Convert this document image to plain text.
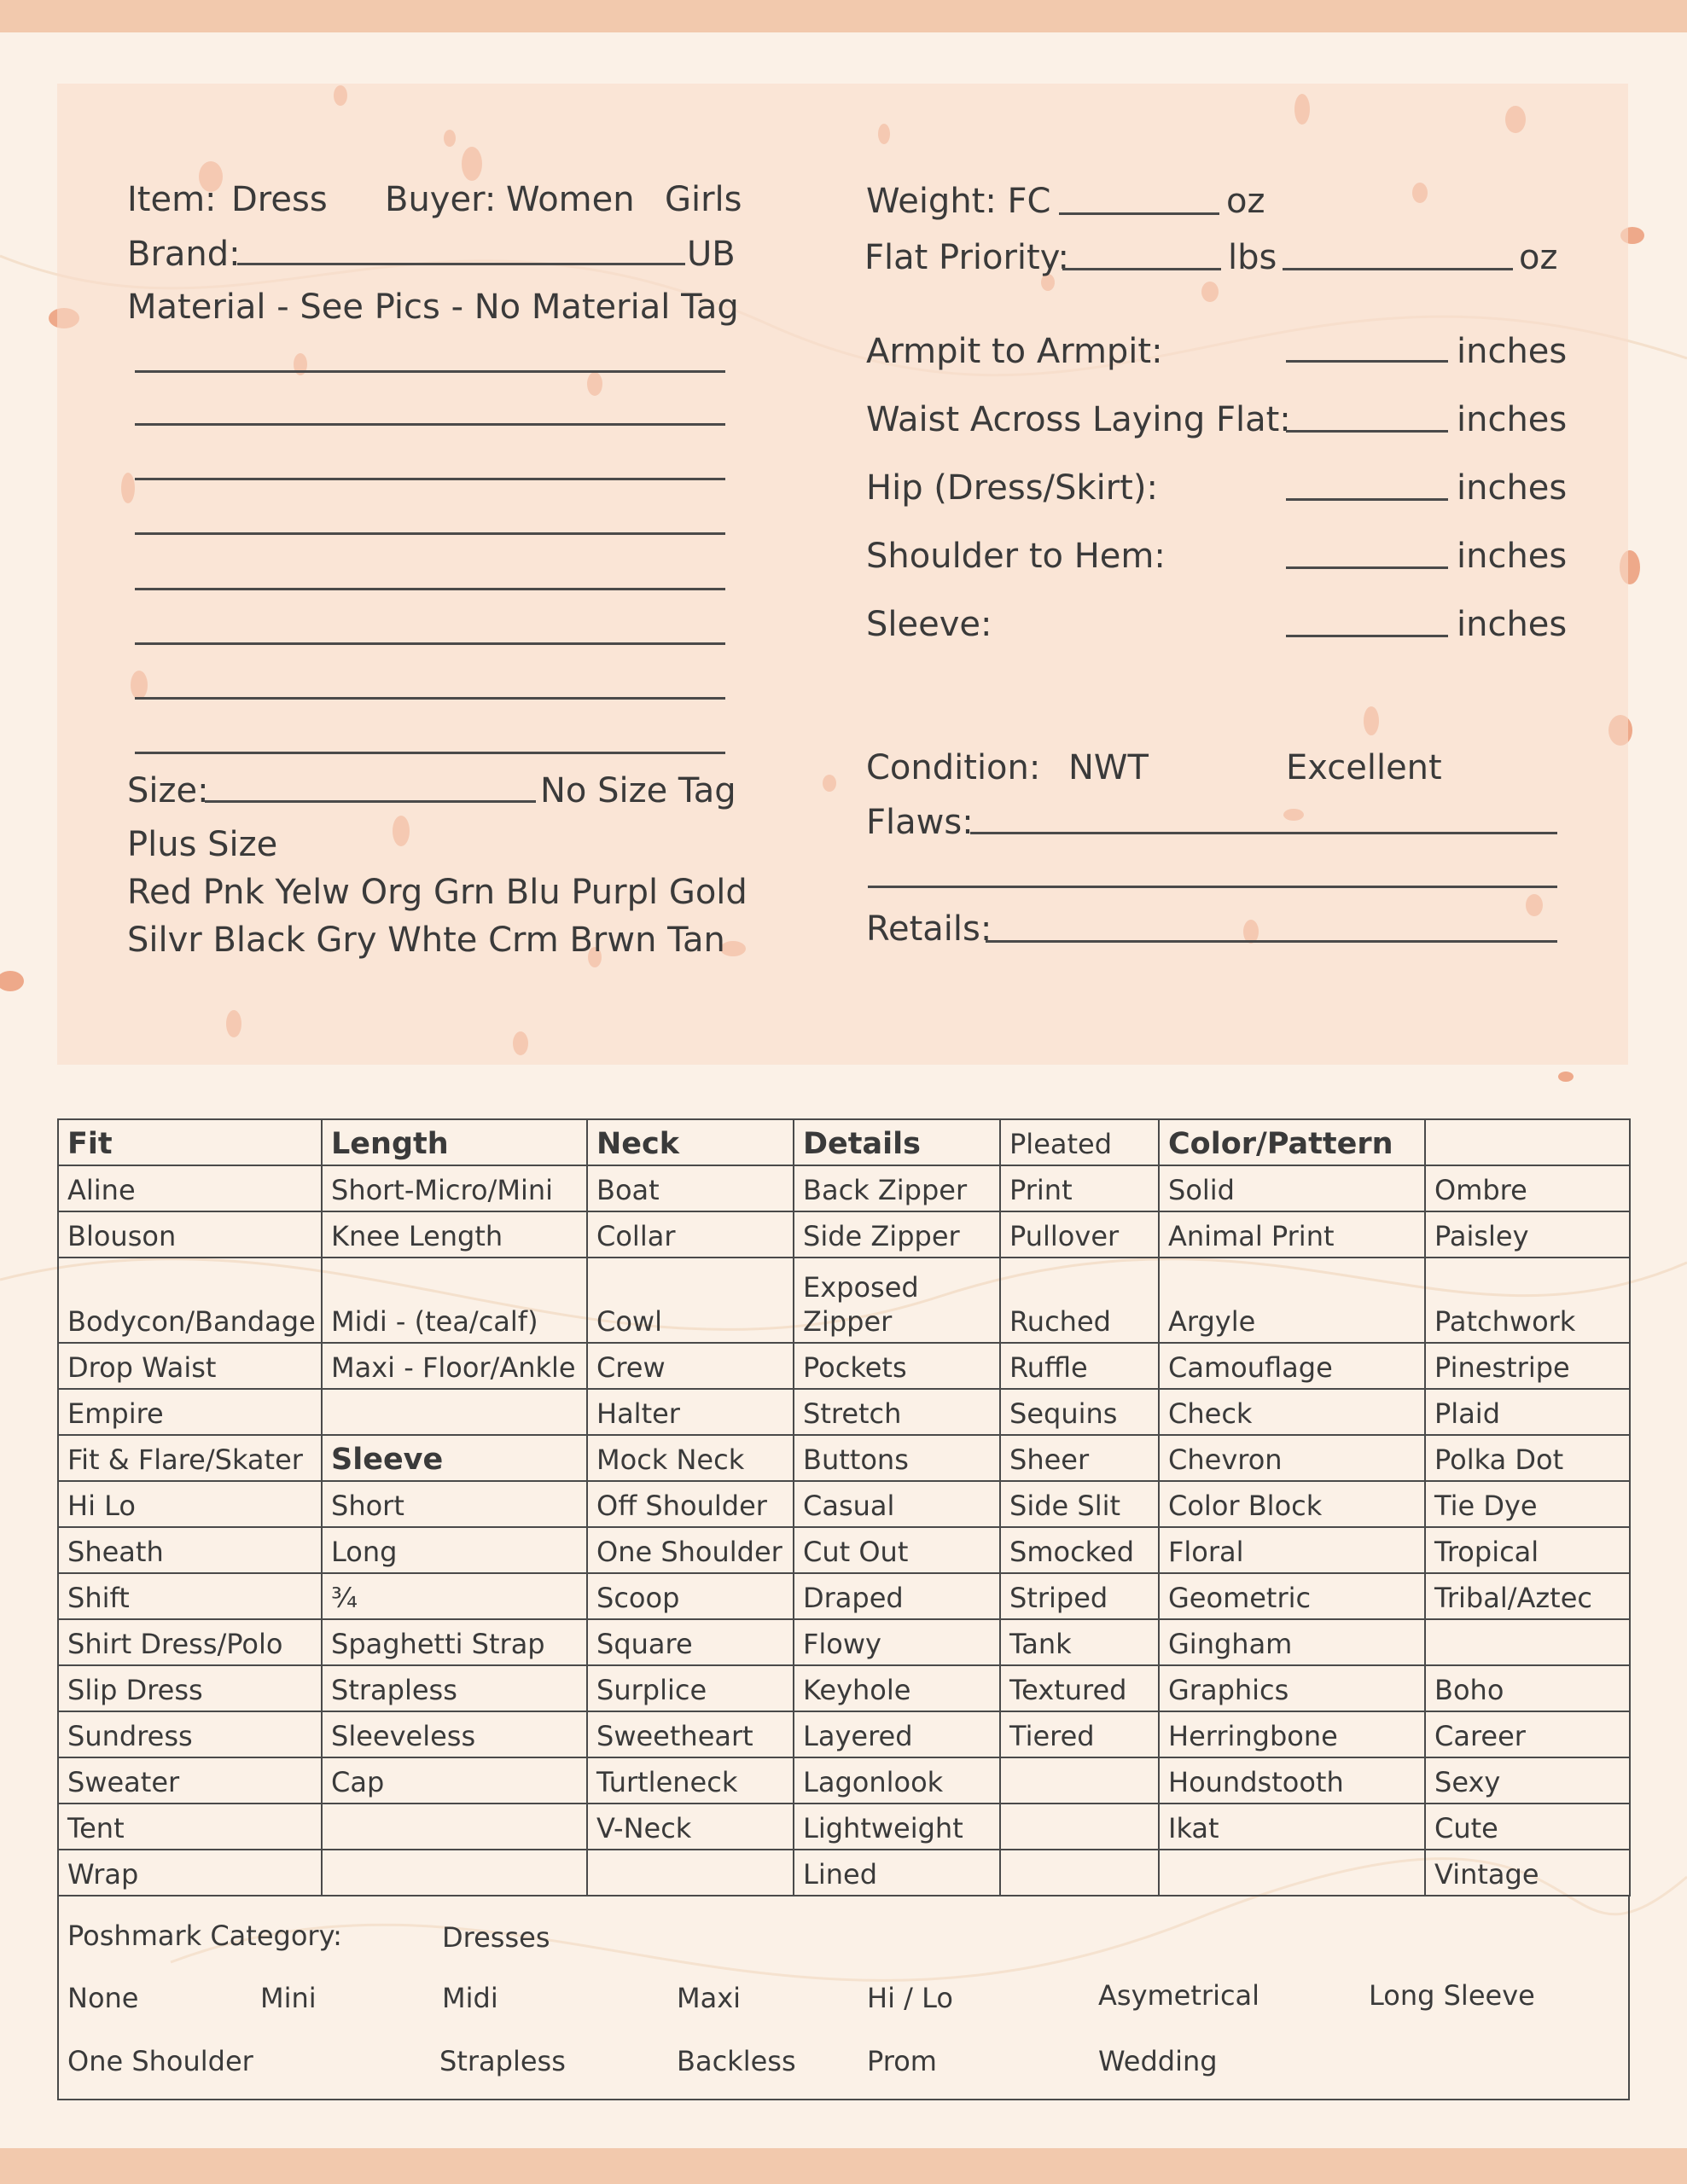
Item: Dress Buyer: Women Girls
Brand:	UB
Material - See Pics - No Material Tag
Size:	No Size Tag
Plus Size
Red Pnk Yelw Org Grn Blu Purpl Gold
Silvr Black Gry Whte Crm Brwn Tan
Weight: FC	oz
Flat Priority:	lbs	oz
Armpit to Armpit:	inches
Waist Across Laying Flat:	inches
Hip (Dress/Skirt):	inches
Shoulder to Hem:	inches
Sleeve:	inches
Condition: NWT	Excellent
Flaws:
Retails:
Fit	Length	Neck	Details	Pleated	Color/Pattern	
Aline	Short-Micro/Mini	Boat	Back Zipper	Print	Solid	Ombre
Blouson	Knee Length	Collar	Side Zipper	Pullover	Animal Print	Paisley
Bodycon/Bandage	Midi - (tea/calf)	Cowl	Exposed Zipper	Ruched	Argyle	Patchwork
Drop Waist	Maxi - Floor/Ankle	Crew	Pockets	Ruffle	Camouflage	Pinestripe
Empire		Halter	Stretch	Sequins	Check	Plaid
Fit & Flare/Skater	Sleeve	Mock Neck	Buttons	Sheer	Chevron	Polka Dot
Hi Lo	Short	Off Shoulder	Casual	Side Slit	Color Block	Tie Dye
Sheath	Long	One Shoulder	Cut Out	Smocked	Floral	Tropical
Shift	¾	Scoop	Draped	Striped	Geometric	Tribal/Aztec
Shirt Dress/Polo	Spaghetti Strap	Square	Flowy	Tank	Gingham	
Slip Dress	Strapless	Surplice	Keyhole	Textured	Graphics	Boho
Sundress	Sleeveless	Sweetheart	Layered	Tiered	Herringbone	Career
Sweater	Cap	Turtleneck	Lagonlook		Houndstooth	Sexy
Tent		V-Neck	Lightweight		Ikat	Cute
Wrap			Lined			Vintage
Poshmark Category:	Dresses
None	Mini	Midi	Maxi	Hi / Lo	Asymetrical	Long Sleeve
One Shoulder	Strapless	Backless	Prom	Wedding
